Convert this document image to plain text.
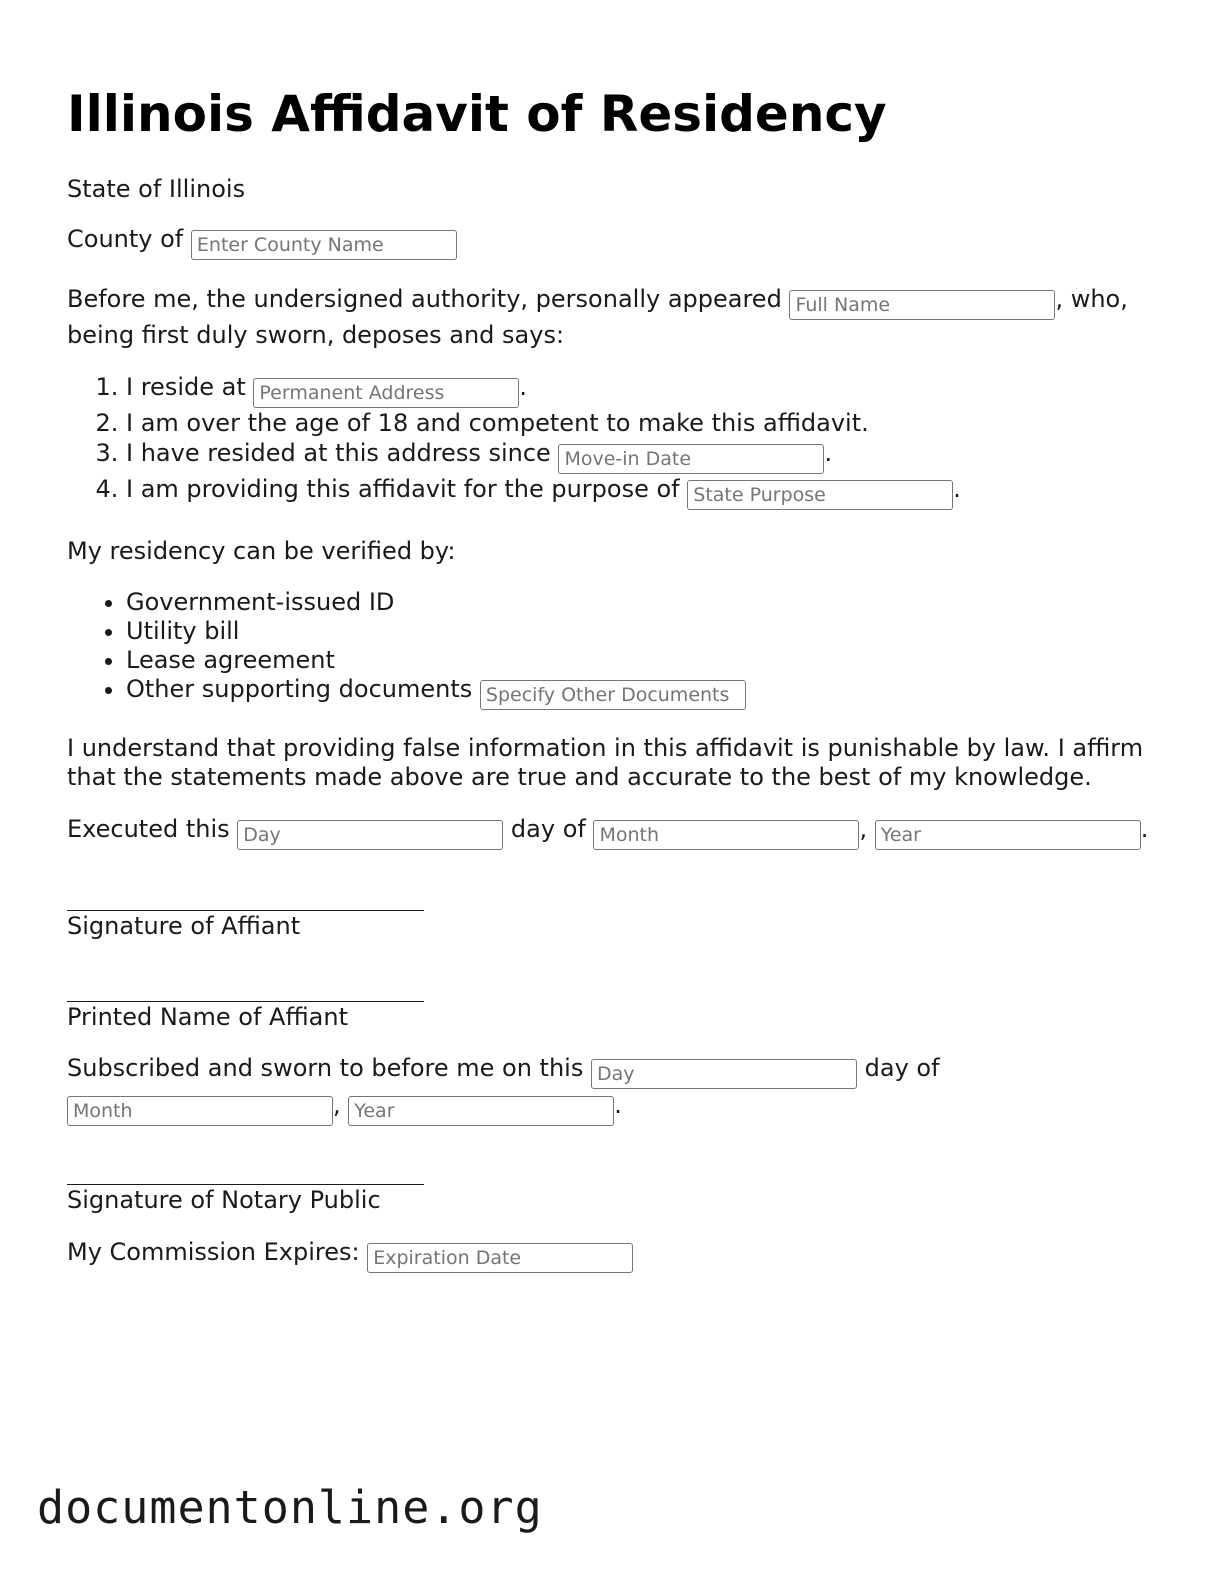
Illinois Affidavit of Residency

State of Illinois

County of Enter County Name

Before me, the undersigned authority, personally appeared Full Name	, who, being first duly sworn, deposes and says:

1. I reside at Permanent Address	.
2. I am over the age of 18 and competent to make this affidavit.
3. I have resided at this address since Move-in Date	.
4. I am providing this affidavit for the purpose of State Purpose	.

My residency can be verified by:

• Government-issued ID
• Utility bill
• Lease agreement
• Other supporting documents Specify Other Documents

I understand that providing false information in this affidavit is punishable by law. I affirm that the statements made above are true and accurate to the best of my knowledge.

Executed this Day	day of Month	, Year	.

Signature of Affiant

Printed Name of Affiant

Subscribed and sworn to before me on this Day	day of
Month, Year	.

Signature of Notary Public

My Commission Expires: Expiration Date

documentonline.org
